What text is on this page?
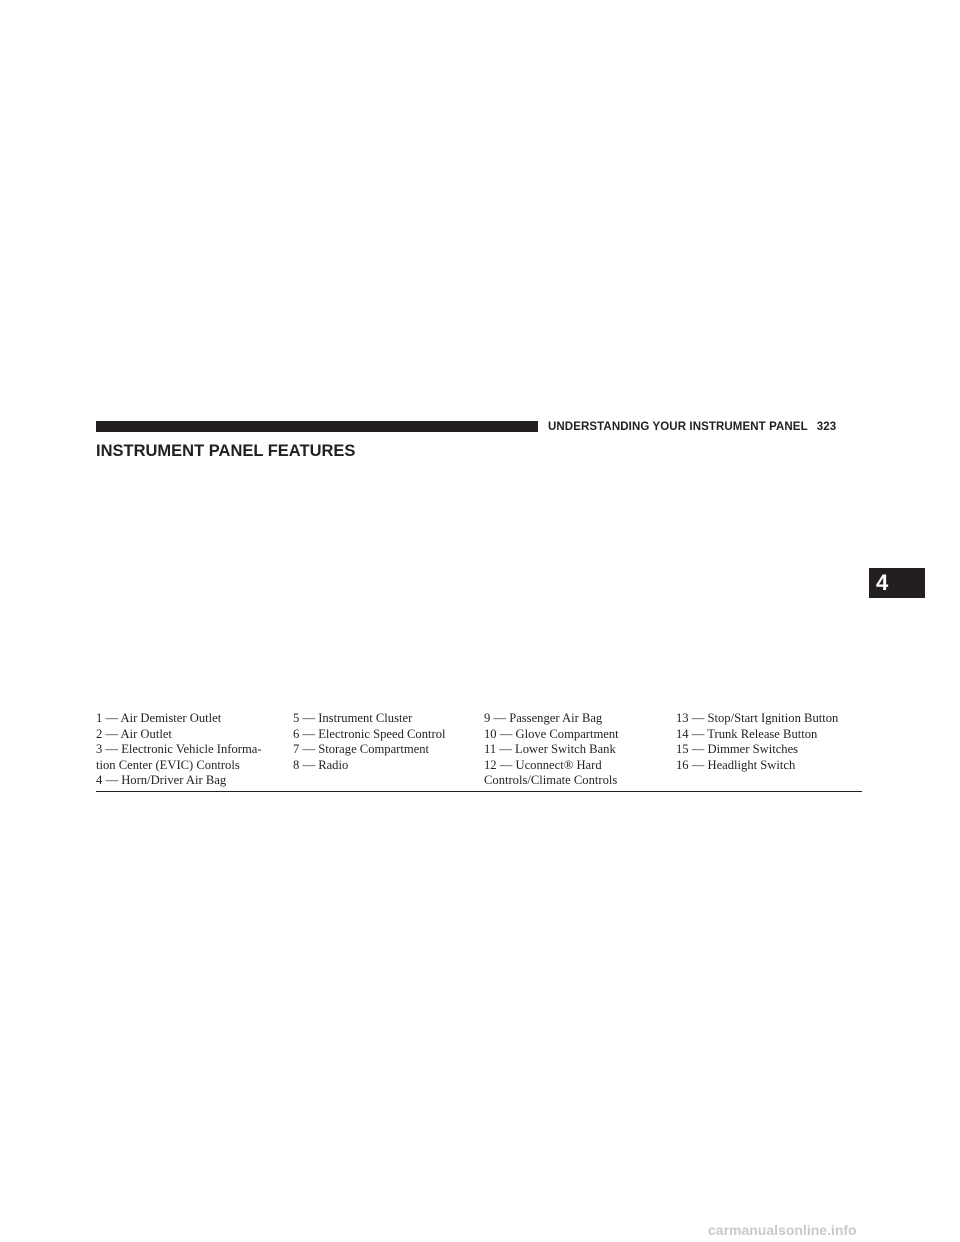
UNDERSTANDING YOUR INSTRUMENT PANEL 323
INSTRUMENT PANEL FEATURES
4
1 — Air Demister Outlet
2 — Air Outlet
3 — Electronic Vehicle Informa-
tion Center (EVIC) Controls
4 — Horn/Driver Air Bag
5 — Instrument Cluster
6 — Electronic Speed Control
7 — Storage Compartment
8 — Radio
9 — Passenger Air Bag
10 — Glove Compartment
11 — Lower Switch Bank
12 — Uconnect® Hard
Controls/Climate Controls
13 — Stop/Start Ignition Button
14 — Trunk Release Button
15 — Dimmer Switches
16 — Headlight Switch
carmanualsonline.info
